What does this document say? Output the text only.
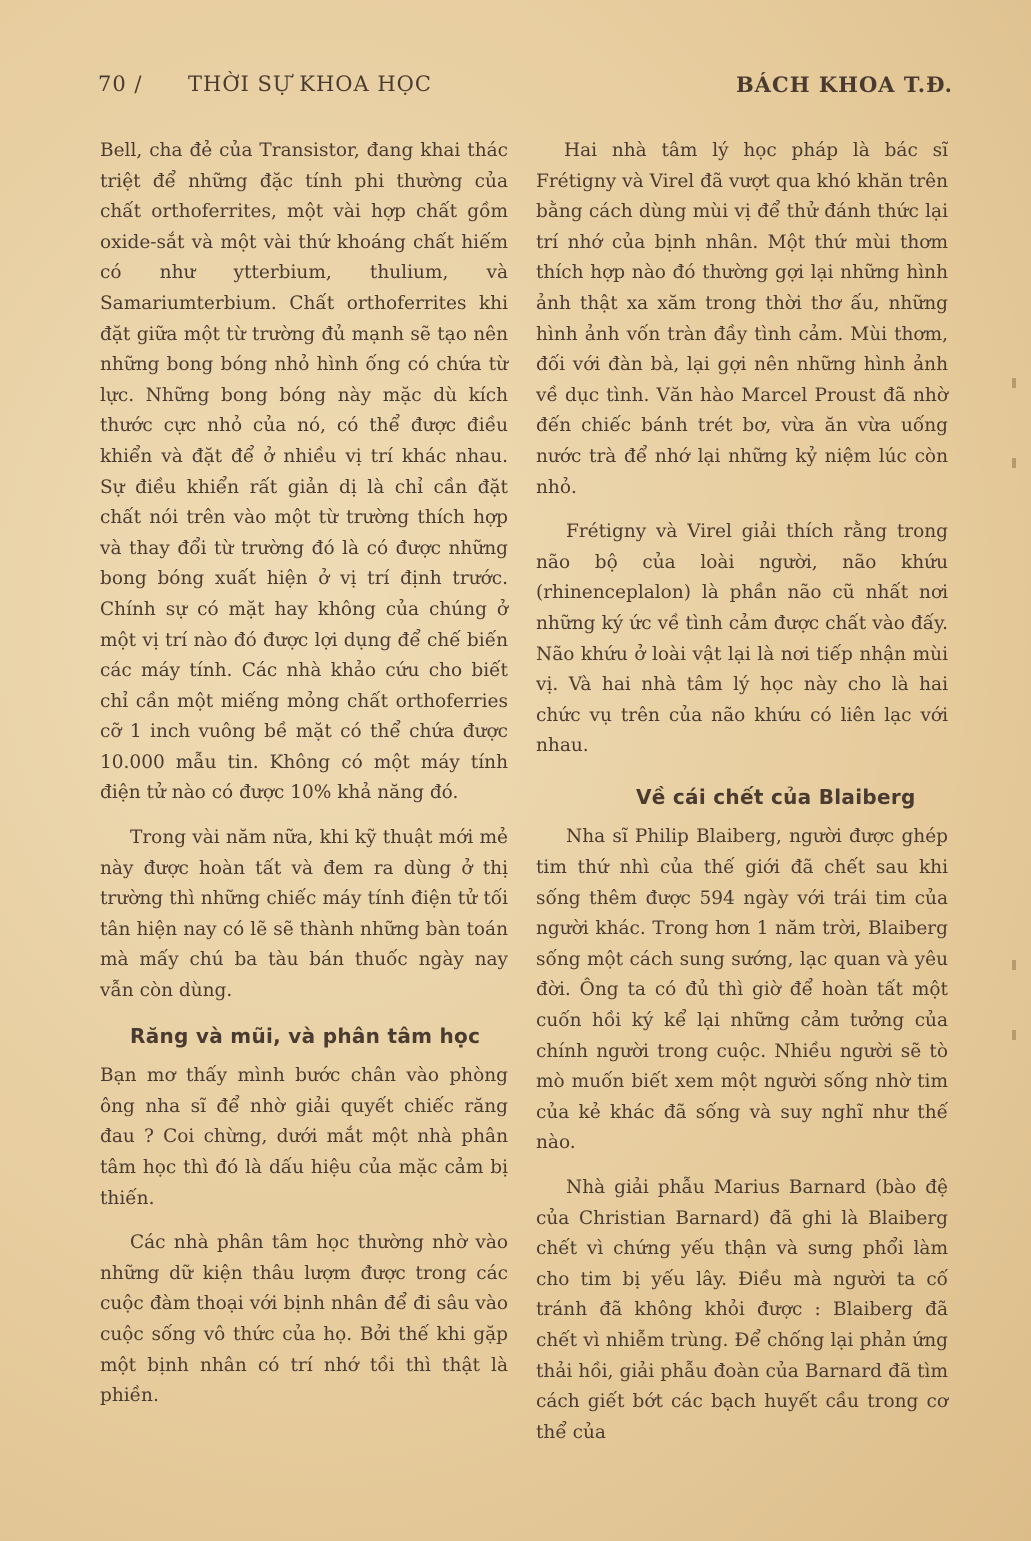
70 / THỜI SỰ KHOA HỌC	BÁCH KHOA T.Đ.

Bell, cha đẻ của Transistor, đang khai thác triệt để những đặc tính phi thường của chất orthoferrites, một vài hợp chất gồm oxide-sắt và một vài thứ khoáng chất hiếm có như ytterbium, thulium, và Samariumterbium. Chất orthoferrites khi đặt giữa một từ trường đủ mạnh sẽ tạo nên những bong bóng nhỏ hình ống có chứa từ lực. Những bong bóng này mặc dù kích thước cực nhỏ của nó, có thể được điều khiển và đặt để ở nhiều vị trí khác nhau. Sự điều khiển rất giản dị là chỉ cần đặt chất nói trên vào một từ trường thích hợp và thay đổi từ trường đó là có được những bong bóng xuất hiện ở vị trí định trước. Chính sự có mặt hay không của chúng ở một vị trí nào đó được lợi dụng để chế biến các máy tính. Các nhà khảo cứu cho biết chỉ cần một miếng mỏng chất orthoferries cỡ 1 inch vuông bề mặt có thể chứa được 10.000 mẫu tin. Không có một máy tính điện tử nào có được 10% khả năng đó.

Trong vài năm nữa, khi kỹ thuật mới mẻ này được hoàn tất và đem ra dùng ở thị trường thì những chiếc máy tính điện tử tối tân hiện nay có lẽ sẽ thành những bàn toán mà mấy chú ba tàu bán thuốc ngày nay vẫn còn dùng.

Răng và mũi, và phân tâm học

Bạn mơ thấy mình bước chân vào phòng ông nha sĩ để nhờ giải quyết chiếc răng đau ? Coi chừng, dưới mắt một nhà phân tâm học thì đó là dấu hiệu của mặc cảm bị thiến.

Các nhà phân tâm học thường nhờ vào những dữ kiện thâu lượm được trong các cuộc đàm thoại với bịnh nhân để đi sâu vào cuộc sống vô thức của họ. Bởi thế khi gặp một bịnh nhân có trí nhớ tồi thì thật là phiền.

Hai nhà tâm lý học pháp là bác sĩ Frétigny và Virel đã vượt qua khó khăn trên bằng cách dùng mùi vị để thử đánh thức lại trí nhớ của bịnh nhân. Một thứ mùi thơm thích hợp nào đó thường gợi lại những hình ảnh thật xa xăm trong thời thơ ấu, những hình ảnh vốn tràn đầy tình cảm. Mùi thơm, đối với đàn bà, lại gợi nên những hình ảnh về dục tình. Văn hào Marcel Proust đã nhờ đến chiếc bánh trét bơ, vừa ăn vừa uống nước trà để nhớ lại những kỷ niệm lúc còn nhỏ.

Frétigny và Virel giải thích rằng trong não bộ của loài người, não khứu (rhinenceplalon) là phần não cũ nhất nơi những ký ức về tình cảm được chất vào đấy. Não khứu ở loài vật lại là nơi tiếp nhận mùi vị. Và hai nhà tâm lý học này cho là hai chức vụ trên của não khứu có liên lạc với nhau.

Về cái chết của Blaiberg

Nha sĩ Philip Blaiberg, người được ghép tim thứ nhì của thế giới đã chết sau khi sống thêm được 594 ngày với trái tim của người khác. Trong hơn 1 năm trời, Blaiberg sống một cách sung sướng, lạc quan và yêu đời. Ông ta có đủ thì giờ để hoàn tất một cuốn hồi ký kể lại những cảm tưởng của chính người trong cuộc. Nhiều người sẽ tò mò muốn biết xem một người sống nhờ tim của kẻ khác đã sống và suy nghĩ như thế nào.

Nhà giải phẫu Marius Barnard (bào đệ của Christian Barnard) đã ghi là Blaiberg chết vì chứng yếu thận và sưng phổi làm cho tim bị yếu lây. Điều mà người ta cố tránh đã không khỏi được : Blaiberg đã chết vì nhiễm trùng. Để chống lại phản ứng thải hồi, giải phẫu đoàn của Barnard đã tìm cách giết bớt các bạch huyết cầu trong cơ thể của
